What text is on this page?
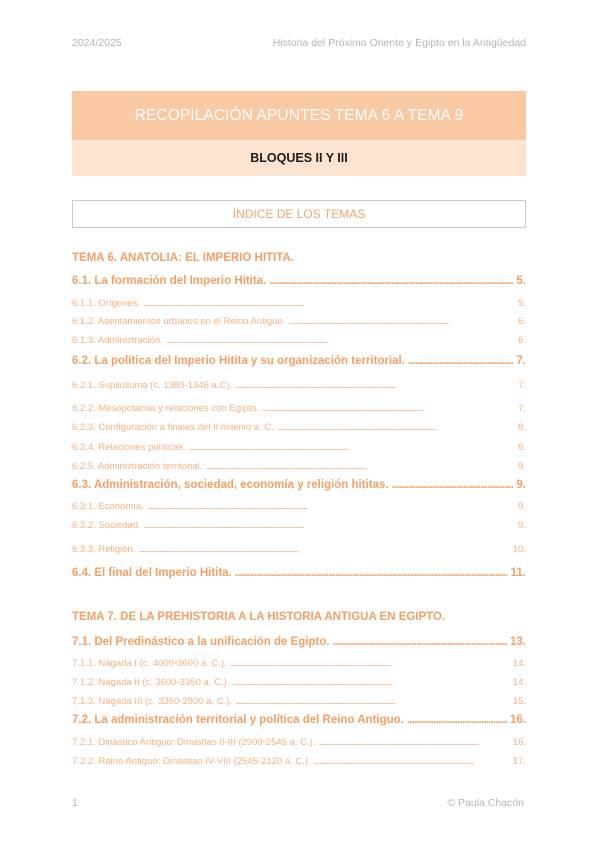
2024/2025	Historia del Próximo Oriente y Egipto en la Antigüedad
RECOPILACIÓN APUNTES TEMA 6 A TEMA 9
BLOQUES II Y III
ÍNDICE DE LOS TEMAS
TEMA 6. ANATOLIA: EL IMPERIO HITITA.
6.1. La formación del Imperio Hitita. . . .	5.
6.1.1. Orígenes. . . .	5.
6.1.2. Asentamientos urbanos en el Reino Antiguo. . . .	6.
6.1.3. Administración. . . .	6.
6.2. La política del Imperio Hitita y su organización territorial. . . .	7.
6.2.1. Supiluliuma (c. 1380-1346 a.C). . . .	7.
6.2.2. Mesopotamia y relaciones con Egipto. . . .	7.
6.2.3. Configuración a finales del II milenio a. C. . . .	8.
6.2.4. Relaciones políticas. . . .	8.
6.2.5. Administración territorial. . . .	9.
6.3. Administración, sociedad, economía y religión hititas. . . .	9.
6.3.1. Economía. . . .	9.
6.3.2. Sociedad. . . .	9.
6.3.3. Religión. . . .	10.
6.4. El final del Imperio Hitita. . . .	11.
TEMA 7. DE LA PREHISTORIA A LA HISTORIA ANTIGUA EN EGIPTO.
7.1. Del Predinástico a la unificación de Egipto. . . .	13.
7.1.1. Nagada I (c. 4000-3600 a. C.). . . .	14.
7.1.2. Nagada II (c. 3600-3350 a. C.). . . .	14.
7.1.3. Nagada III (c. 3350-2900 a. C.). . . .	15.
7.2. La administración territorial y política del Reino Antiguo. . . .	16.
7.2.1. Dinástico Antiguo: Dinastías 0-III (2900-2545 a. C.). . . .	16.
7.2.2. Reino Antiguo: Dinastías IV-VIII (2545-2120 a. C.). . . .	17.
1	© Paula Chacón
